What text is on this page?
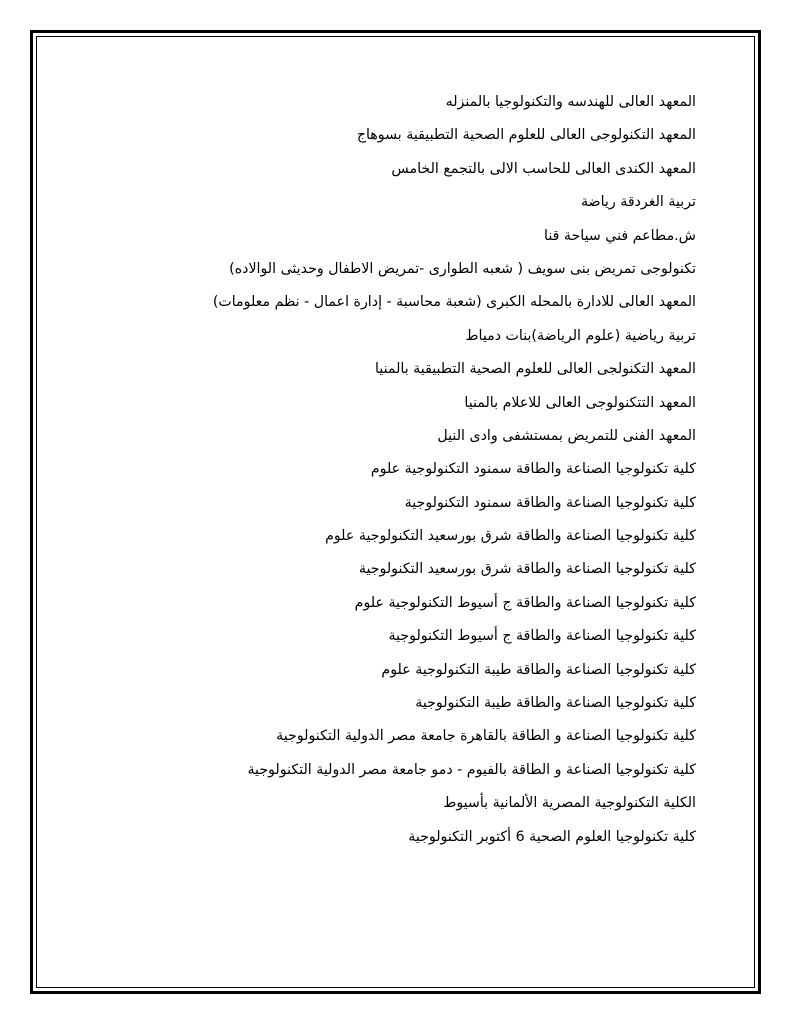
المعهد العالى للهندسه والتكنولوجيا بالمنزله
المعهد التكنولوجى العالى للعلوم الصحية التطبيقية بسوهاج
المعهد الكندى العالى للحاسب الالى بالتجمع الخامس
تربية الغردقة رياضة
ش.مطاعم فني سياحة قنا
تكنولوجى تمريض بنى سويف ( شعبه الطوارى -تمريض الاطفال وحديثى الوالاده)
المعهد العالى للادارة بالمحله الكبرى (شعبة محاسبة - إدارة اعمال - نظم معلومات)
تربية رياضية (علوم الرياضة)بنات دمياط
المعهد التكنولجى العالى للعلوم الصحية التطبيقية بالمنيا
المعهد التتكنولوجى العالى للاعلام بالمنيا
المعهد الفنى للتمريض بمستشفى وادى النيل
كلية تكنولوجيا الصناعة والطاقة سمنود التكنولوجية علوم
كلية تكنولوجيا الصناعة والطاقة سمنود التكنولوجية
كلية تكنولوجيا الصناعة والطاقة شرق بورسعيد التكنولوجية علوم
كلية تكنولوجيا الصناعة والطاقة شرق بورسعيد التكنولوجية
كلية تكنولوجيا الصناعة والطاقة ج أسيوط التكنولوجية علوم
كلية تكنولوجيا الصناعة والطاقة ج أسيوط التكنولوجية
كلية تكنولوجيا الصناعة والطاقة طيبة التكنولوجية علوم
كلية تكنولوجيا الصناعة والطاقة طيبة التكنولوجية
كلية تكنولوجيا الصناعة و الطاقة بالقاهرة جامعة مصر الدولية التكنولوجية
كلية تكنولوجيا الصناعة و الطاقة بالفيوم - دمو جامعة مصر الدولية التكنولوجية
الكلية التكنولوجية المصرية الألمانية بأسيوط
كلية تكنولوجيا العلوم الصحية 6 أكتوبر التكنولوجية
